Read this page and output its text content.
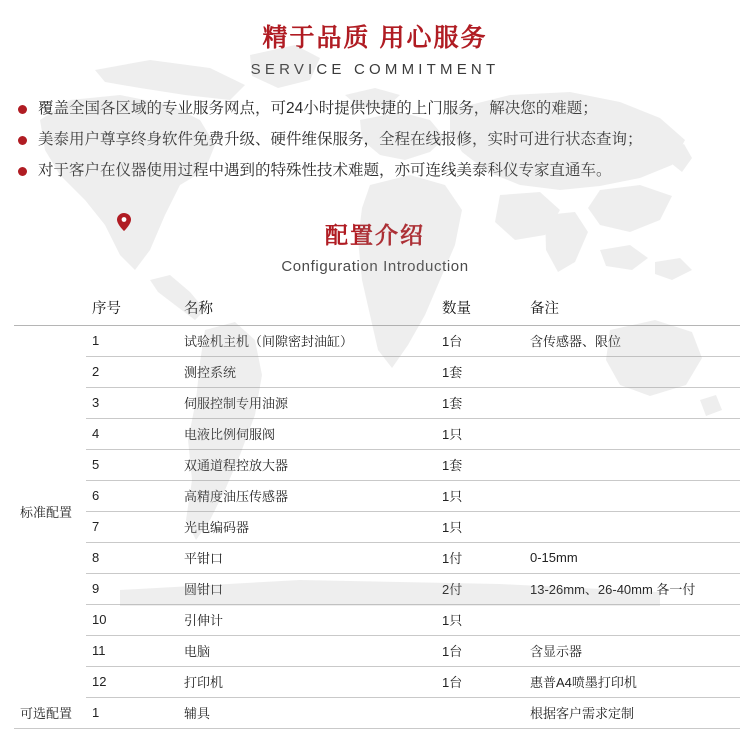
精于品质 用心服务
SERVICE COMMITMENT
覆盖全国各区域的专业服务网点，可24小时提供快捷的上门服务，解决您的难题；
美泰用户尊享终身软件免费升级、硬件维保服务，全程在线报修，实时可进行状态查询；
对于客户在仪器使用过程中遇到的特殊性技术难题，亦可连线美泰科仪专家直通车。
配置介绍
Configuration Introduction
	序号	名称	数量	备注
标准配置	1	试验机主机（间隙密封油缸）	1台	含传感器、限位
	2	测控系统	1套	
	3	伺服控制专用油源	1套	
	4	电液比例伺服阀	1只	
	5	双通道程控放大器	1套	
	6	高精度油压传感器	1只	
	7	光电编码器	1只	
	8	平钳口	1付	0-15mm
	9	圆钳口	2付	13-26mm、26-40mm 各一付
	10	引伸计	1只	
	11	电脑	1台	含显示器
	12	打印机	1台	惠普A4喷墨打印机
可选配置	1	辅具		根据客户需求定制
